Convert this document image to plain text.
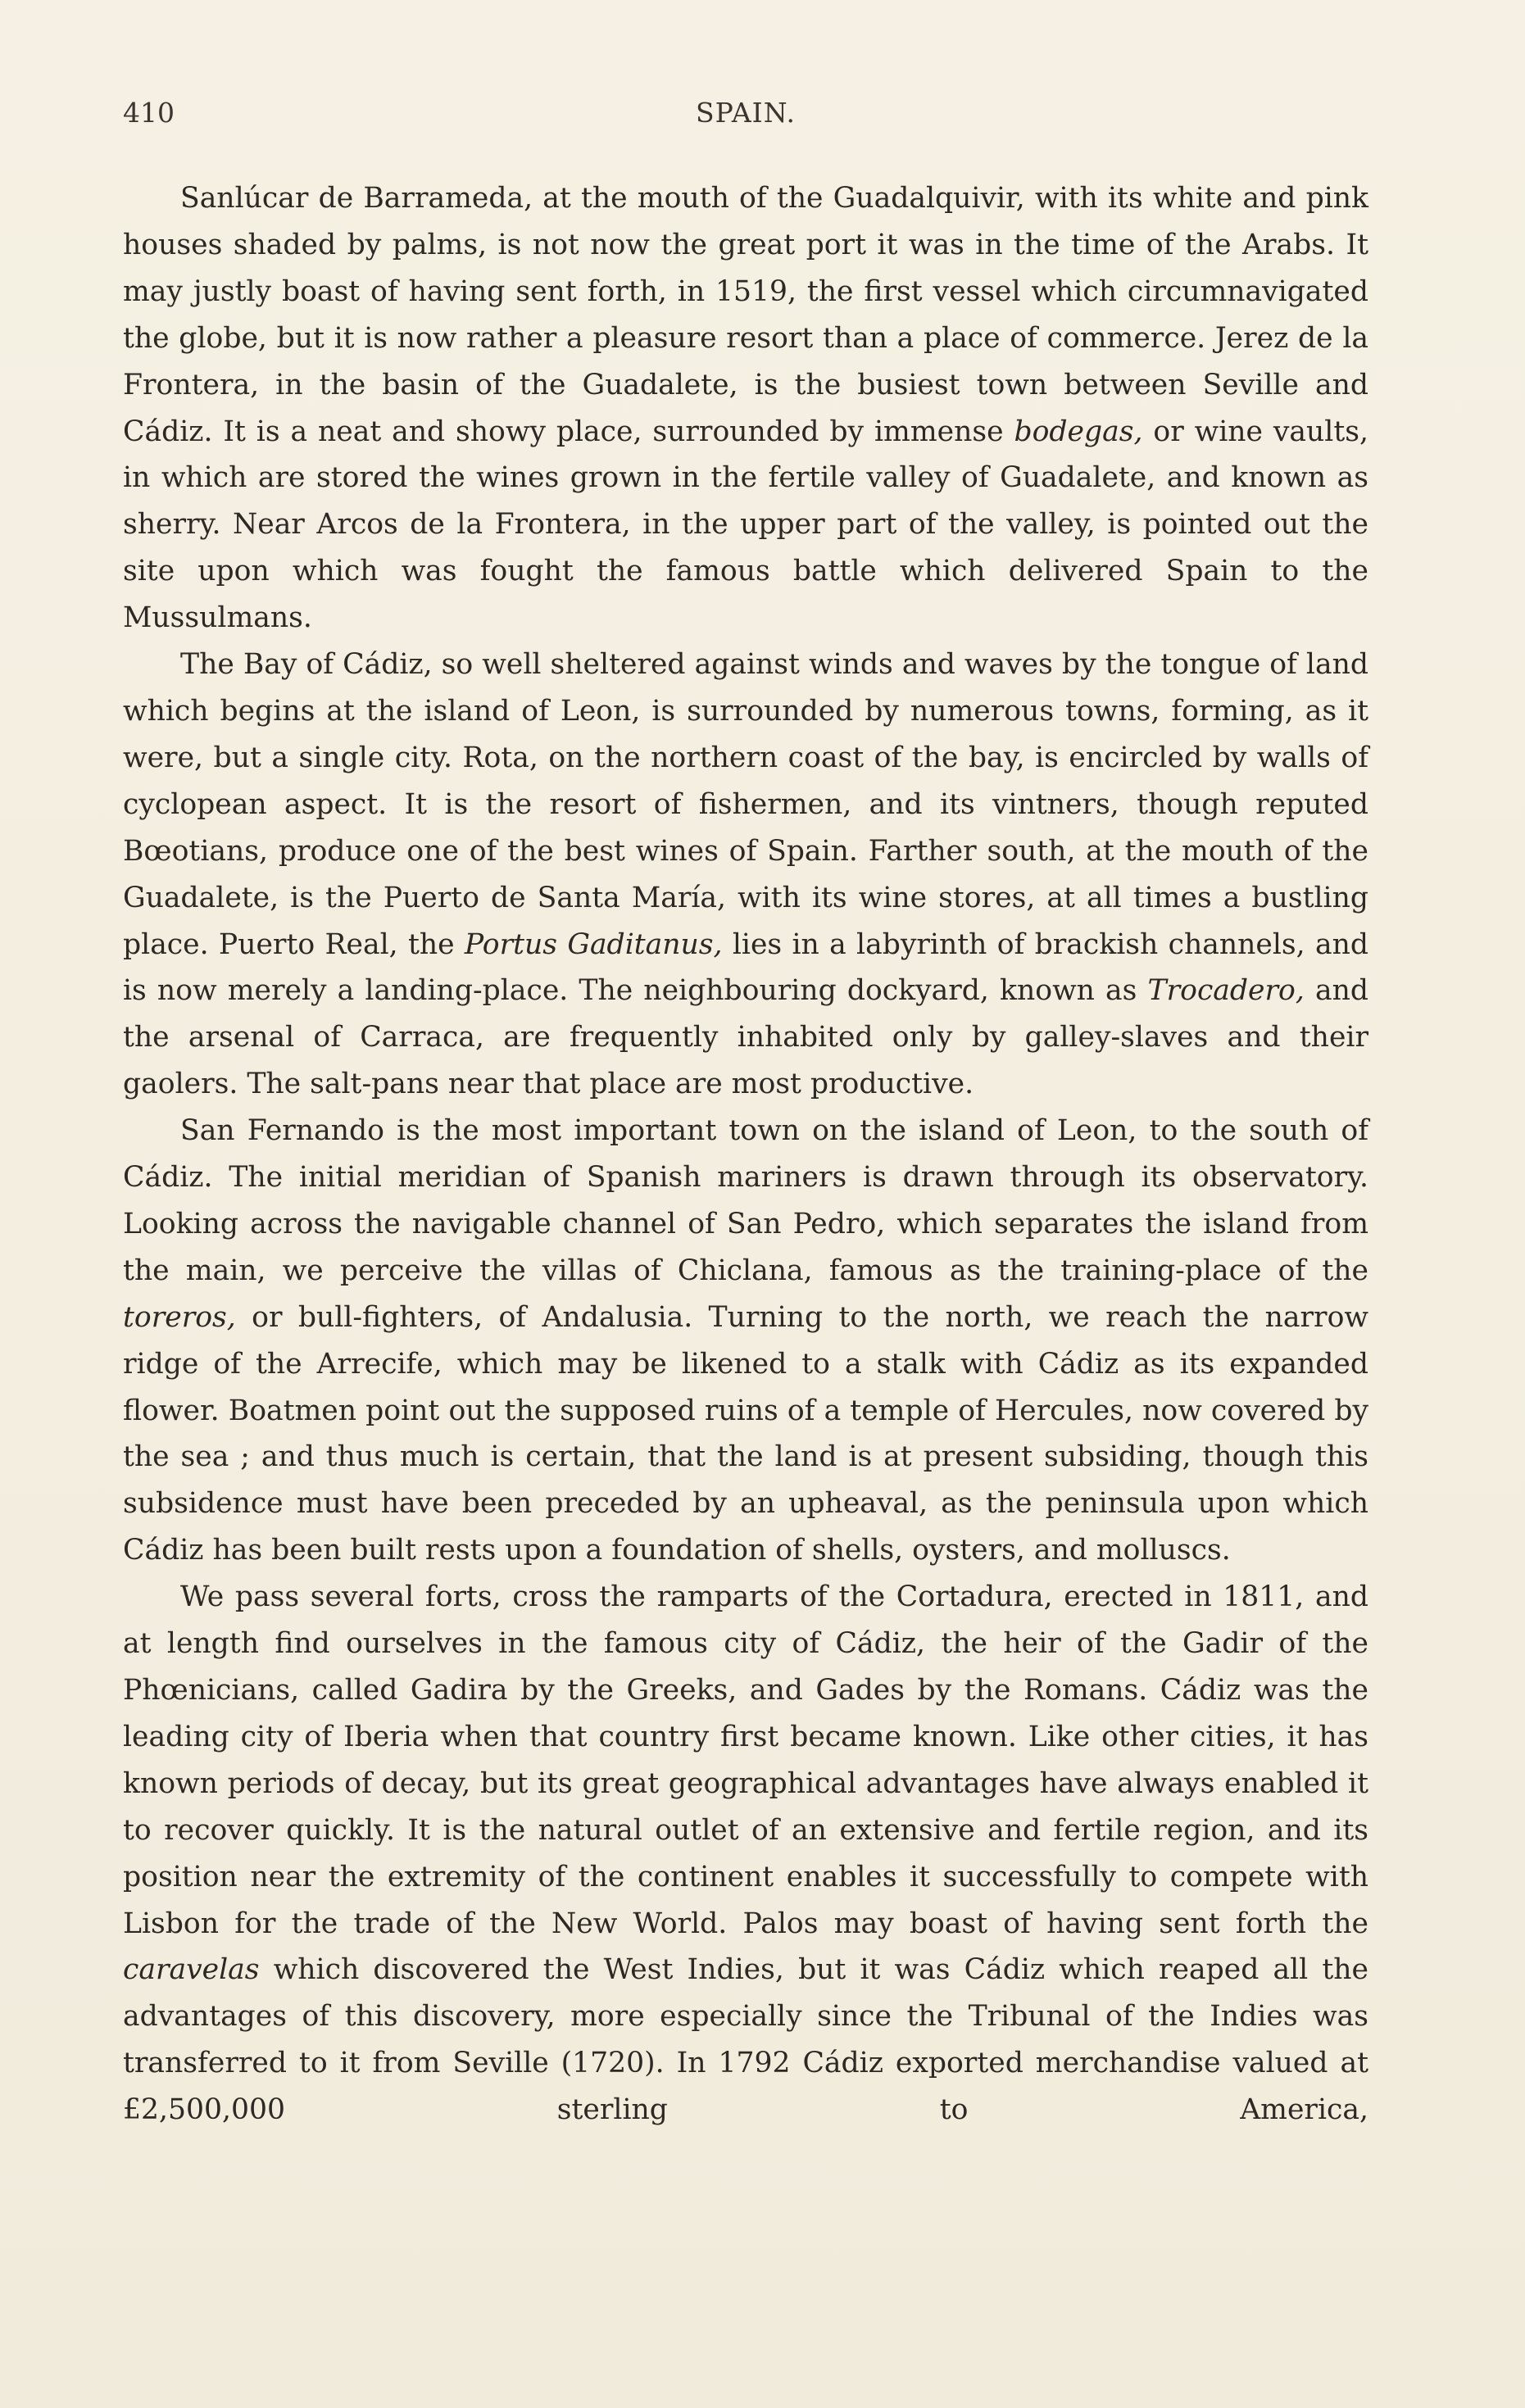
410	SPAIN.

Sanlúcar de Barrameda, at the mouth of the Guadalquivir, with its white and pink houses shaded by palms, is not now the great port it was in the time of the Arabs. It may justly boast of having sent forth, in 1519, the first vessel which circumnavigated the globe, but it is now rather a pleasure resort than a place of commerce. Jerez de la Frontera, in the basin of the Guadalete, is the busiest town between Seville and Cádiz. It is a neat and showy place, surrounded by immense bodegas, or wine vaults, in which are stored the wines grown in the fertile valley of Guadalete, and known as sherry. Near Arcos de la Frontera, in the upper part of the valley, is pointed out the site upon which was fought the famous battle which delivered Spain to the Mussulmans.

The Bay of Cádiz, so well sheltered against winds and waves by the tongue of land which begins at the island of Leon, is surrounded by numerous towns, forming, as it were, but a single city. Rota, on the northern coast of the bay, is encircled by walls of cyclopean aspect. It is the resort of fishermen, and its vintners, though reputed Bœotians, produce one of the best wines of Spain. Farther south, at the mouth of the Guadalete, is the Puerto de Santa María, with its wine stores, at all times a bustling place. Puerto Real, the Portus Gaditanus, lies in a labyrinth of brackish channels, and is now merely a landing-place. The neighbouring dockyard, known as Trocadero, and the arsenal of Carraca, are frequently inhabited only by galley-slaves and their gaolers. The salt-pans near that place are most productive.

San Fernando is the most important town on the island of Leon, to the south of Cádiz. The initial meridian of Spanish mariners is drawn through its observatory. Looking across the navigable channel of San Pedro, which separates the island from the main, we perceive the villas of Chiclana, famous as the training-place of the toreros, or bull-fighters, of Andalusia. Turning to the north, we reach the narrow ridge of the Arrecife, which may be likened to a stalk with Cádiz as its expanded flower. Boatmen point out the supposed ruins of a temple of Hercules, now covered by the sea ; and thus much is certain, that the land is at present subsiding, though this subsidence must have been preceded by an upheaval, as the peninsula upon which Cádiz has been built rests upon a foundation of shells, oysters, and molluscs.

We pass several forts, cross the ramparts of the Cortadura, erected in 1811, and at length find ourselves in the famous city of Cádiz, the heir of the Gadir of the Phœnicians, called Gadira by the Greeks, and Gades by the Romans. Cádiz was the leading city of Iberia when that country first became known. Like other cities, it has known periods of decay, but its great geographical advantages have always enabled it to recover quickly. It is the natural outlet of an extensive and fertile region, and its position near the extremity of the continent enables it successfully to compete with Lisbon for the trade of the New World. Palos may boast of having sent forth the caravelas which discovered the West Indies, but it was Cádiz which reaped all the advantages of this discovery, more especially since the Tribunal of the Indies was transferred to it from Seville (1720). In 1792 Cádiz exported merchandise valued at £2,500,000 sterling to America,
